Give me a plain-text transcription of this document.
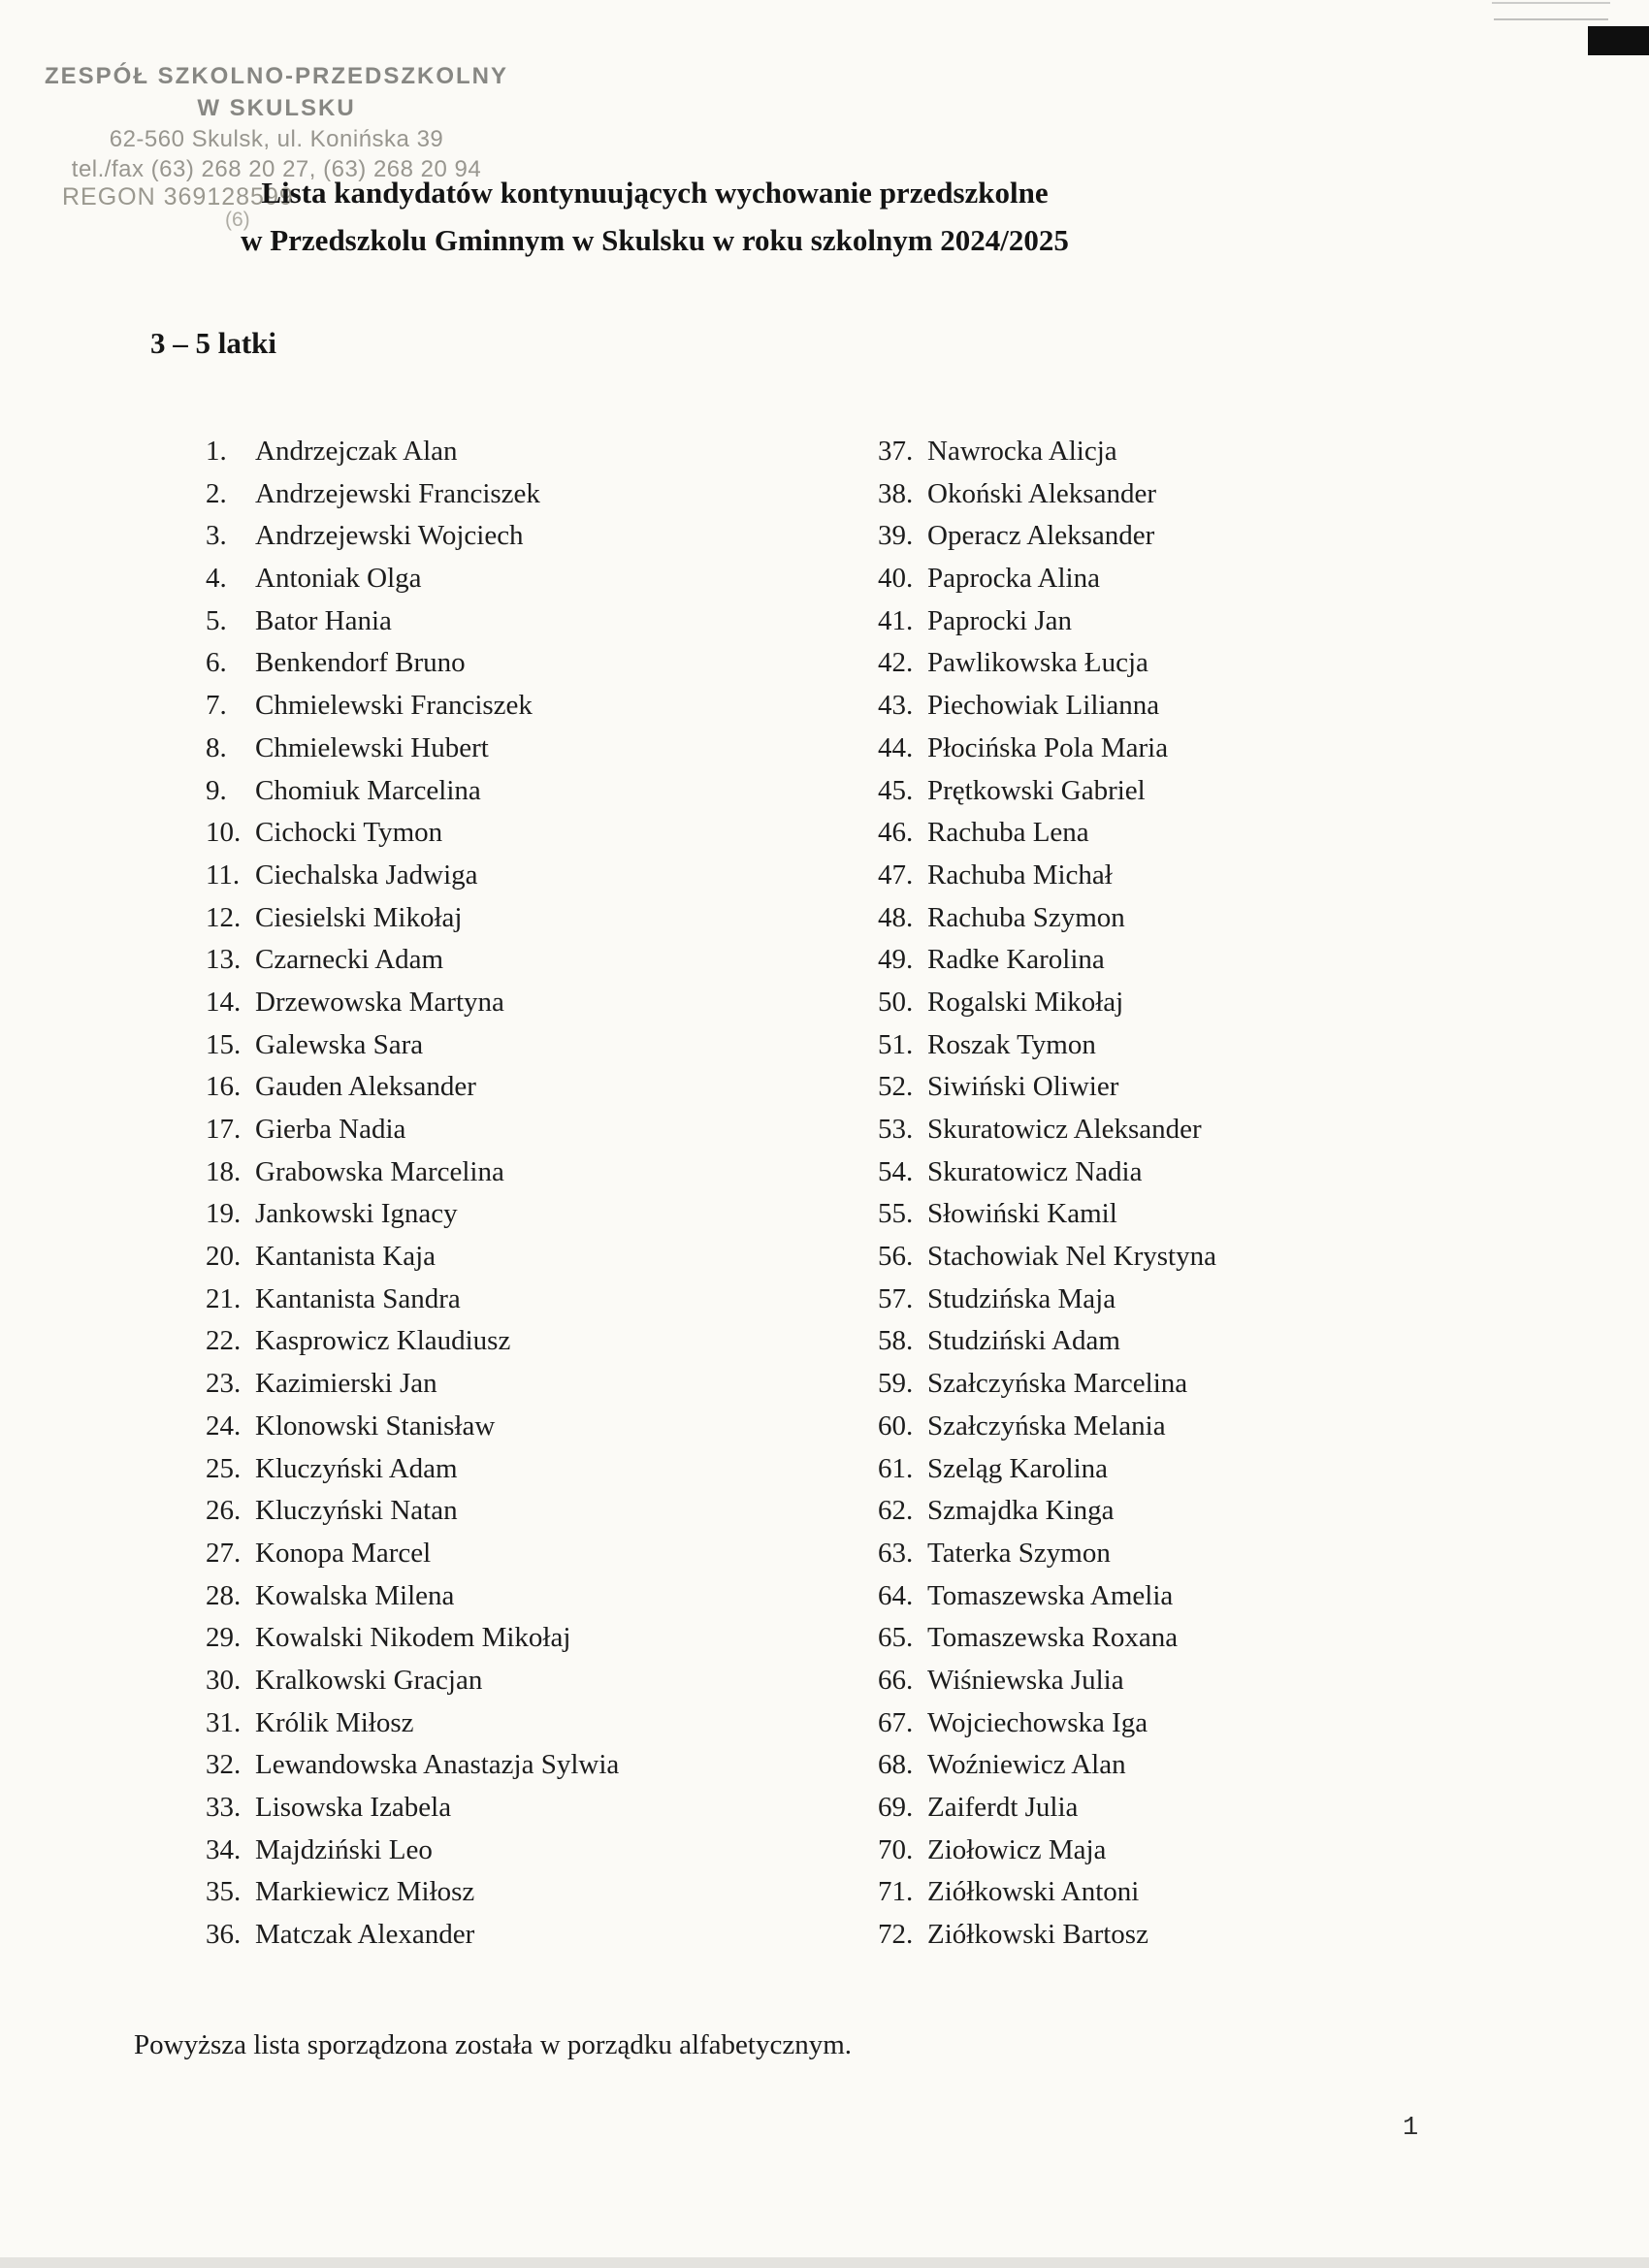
ZESPÓŁ SZKOLNO-PRZEDSZKOLNY
W SKULSKU
62-560 Skulsk, ul. Konińska 39
tel./fax (63) 268 20 27, (63) 268 20 94
REGON 369128599
(6)
Lista kandydatów kontynuujących wychowanie przedszkolne
w Przedszkolu Gminnym w Skulsku w roku szkolnym 2024/2025
3 – 5 latki
1.	Andrzejczak Alan
2.	Andrzejewski Franciszek
3.	Andrzejewski Wojciech
4.	Antoniak Olga
5.	Bator Hania
6.	Benkendorf Bruno
7.	Chmielewski Franciszek
8.	Chmielewski Hubert
9.	Chomiuk Marcelina
10. Cichocki Tymon
11. Ciechalska Jadwiga
12. Ciesielski Mikołaj
13. Czarnecki Adam
14. Drzewowska Martyna
15. Galewska Sara
16. Gauden Aleksander
17. Gierba Nadia
18. Grabowska Marcelina
19. Jankowski Ignacy
20. Kantanista Kaja
21. Kantanista Sandra
22. Kasprowicz Klaudiusz
23. Kazimierski Jan
24. Klonowski Stanisław
25. Kluczyński Adam
26. Kluczyński Natan
27. Konopa Marcel
28. Kowalska Milena
29. Kowalski Nikodem Mikołaj
30. Kralkowski Gracjan
31. Królik Miłosz
32. Lewandowska Anastazja Sylwia
33. Lisowska Izabela
34. Majdziński Leo
35. Markiewicz Miłosz
36. Matczak Alexander
37. Nawrocka Alicja
38. Okoński Aleksander
39. Operacz Aleksander
40. Paprocka Alina
41. Paprocki Jan
42. Pawlikowska Łucja
43. Piechowiak Lilianna
44. Płocińska Pola Maria
45. Prętkowski Gabriel
46. Rachuba Lena
47. Rachuba Michał
48. Rachuba Szymon
49. Radke Karolina
50. Rogalski Mikołaj
51. Roszak Tymon
52. Siwiński Oliwier
53. Skuratowicz Aleksander
54. Skuratowicz Nadia
55. Słowiński Kamil
56. Stachowiak Nel Krystyna
57. Studzińska Maja
58. Studziński Adam
59. Szałczyńska Marcelina
60. Szałczyńska Melania
61. Szeląg Karolina
62. Szmajdka Kinga
63. Taterka Szymon
64. Tomaszewska Amelia
65. Tomaszewska Roxana
66. Wiśniewska Julia
67. Wojciechowska Iga
68. Woźniewicz Alan
69. Zaiferdt Julia
70. Ziołowicz Maja
71. Ziółkowski Antoni
72. Ziółkowski Bartosz
Powyższa lista sporządzona została w porządku alfabetycznym.
1
